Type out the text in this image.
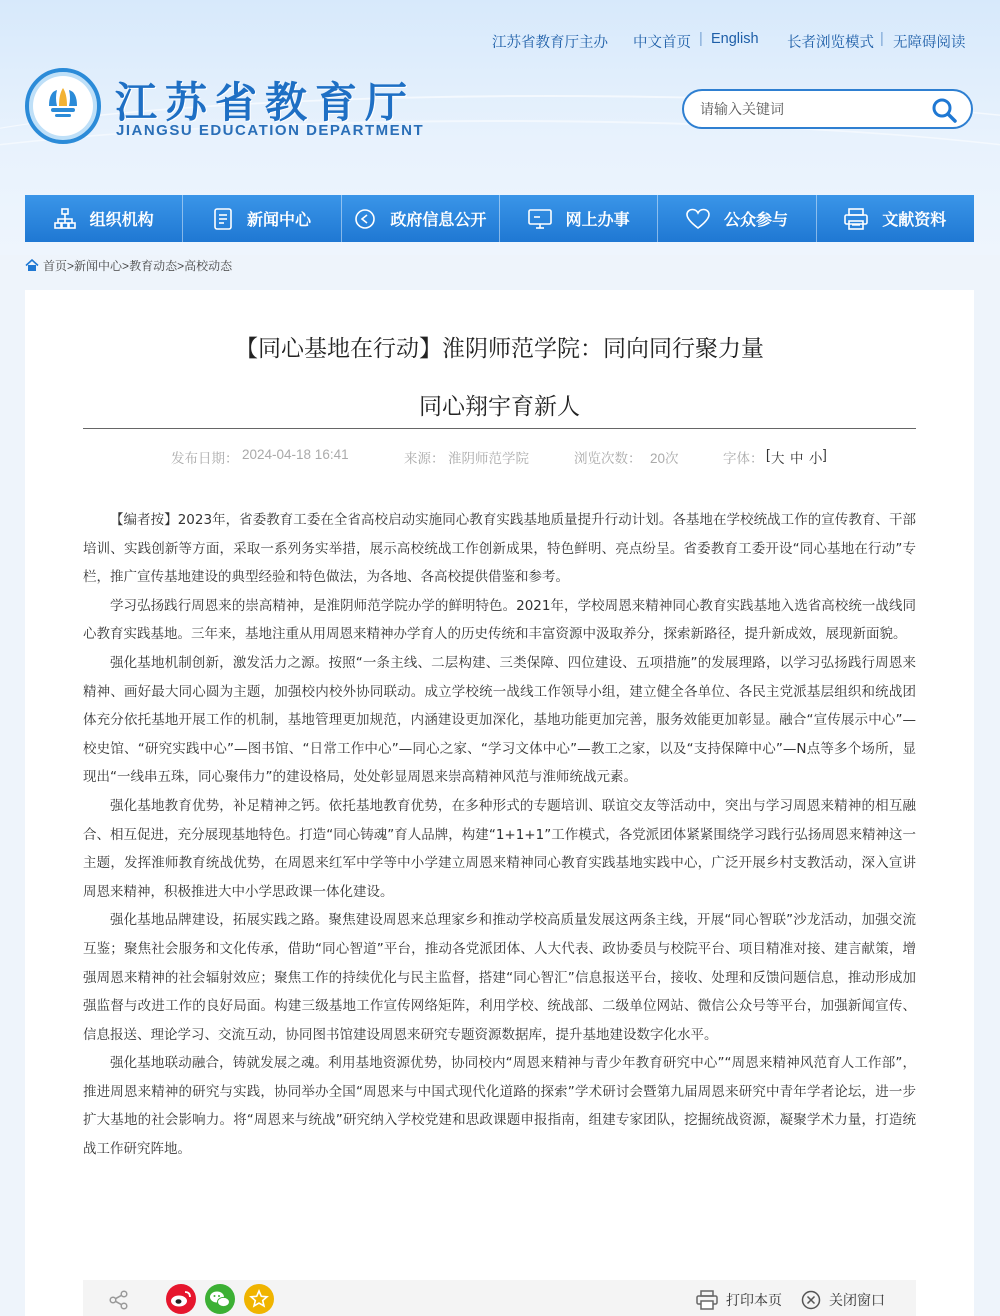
江苏省教育厅主办 中文首页 | English 长者浏览模式 | 无障碍阅读
江苏省教育厅
JIANGSU EDUCATION DEPARTMENT
请输入关键词
组织机构	新闻中心	政府信息公开	网上办事	公众参与	文献资料
首页 > 新闻中心 > 教育动态 > 高校动态
【同心基地在行动】淮阴师范学院：同向同行聚力量
同心翔宇育新人
发布日期： 2024-04-18 16:41	来源： 淮阴师范学院	浏览次数： 20次	字体： [ 大 中 小 ]

【编者按】2023年，省委教育工委在全省高校启动实施同心教育实践基地质量提升行动计划。各基地在学校统战工作的宣传教育、干部培训、实践创新等方面，采取一系列务实举措，展示高校统战工作创新成果，特色鲜明、亮点纷呈。省委教育工委开设“同心基地在行动”专栏，推广宣传基地建设的典型经验和特色做法，为各地、各高校提供借鉴和参考。

学习弘扬践行周恩来的崇高精神，是淮阴师范学院办学的鲜明特色。2021年，学校周恩来精神同心教育实践基地入选省高校统一战线同心教育实践基地。三年来，基地注重从用周恩来精神办学育人的历史传统和丰富资源中汲取养分，探索新路径，提升新成效，展现新面貌。

强化基地机制创新，激发活力之源。按照“一条主线、二层构建、三类保障、四位建设、五项措施”的发展理路，以学习弘扬践行周恩来精神、画好最大同心圆为主题，加强校内校外协同联动。成立学校统一战线工作领导小组，建立健全各单位、各民主党派基层组织和统战团体充分依托基地开展工作的机制，基地管理更加规范，内涵建设更加深化，基地功能更加完善，服务效能更加彰显。融合“宣传展示中心”—校史馆、“研究实践中心”—图书馆、“日常工作中心”—同心之家、“学习文体中心”—教工之家，以及“支持保障中心”—N点等多个场所，显现出“一线串五珠，同心聚伟力”的建设格局，处处彰显周恩来崇高精神风范与淮师统战元素。

强化基地教育优势，补足精神之钙。依托基地教育优势，在多种形式的专题培训、联谊交友等活动中，突出与学习周恩来精神的相互融合、相互促进，充分展现基地特色。打造“同心铸魂”育人品牌，构建“1+1+1”工作模式，各党派团体紧紧围绕学习践行弘扬周恩来精神这一主题，发挥淮师教育统战优势，在周恩来红军中学等中小学建立周恩来精神同心教育实践基地实践中心，广泛开展乡村支教活动，深入宣讲周恩来精神，积极推进大中小学思政课一体化建设。

强化基地品牌建设，拓展实践之路。聚焦建设周恩来总理家乡和推动学校高质量发展这两条主线，开展“同心智联”沙龙活动，加强交流互鉴；聚焦社会服务和文化传承，借助“同心智道”平台，推动各党派团体、人大代表、政协委员与校院平台、项目精准对接、建言献策，增强周恩来精神的社会辐射效应；聚焦工作的持续优化与民主监督，搭建“同心智汇”信息报送平台，接收、处理和反馈问题信息，推动形成加强监督与改进工作的良好局面。构建三级基地工作宣传网络矩阵，利用学校、统战部、二级单位网站、微信公众号等平台，加强新闻宣传、信息报送、理论学习、交流互动，协同图书馆建设周恩来研究专题资源数据库，提升基地建设数字化水平。

强化基地联动融合，铸就发展之魂。利用基地资源优势，协同校内“周恩来精神与青少年教育研究中心”“周恩来精神风范育人工作部”，推进周恩来精神的研究与实践，协同举办全国“周恩来与中国式现代化道路的探索”学术研讨会暨第九届周恩来研究中青年学者论坛，进一步扩大基地的社会影响力。将“周恩来与统战”研究纳入学校党建和思政课题申报指南，组建专家团队，挖掘统战资源，凝聚学术力量，打造统战工作研究阵地。

打印本页	关闭窗口
